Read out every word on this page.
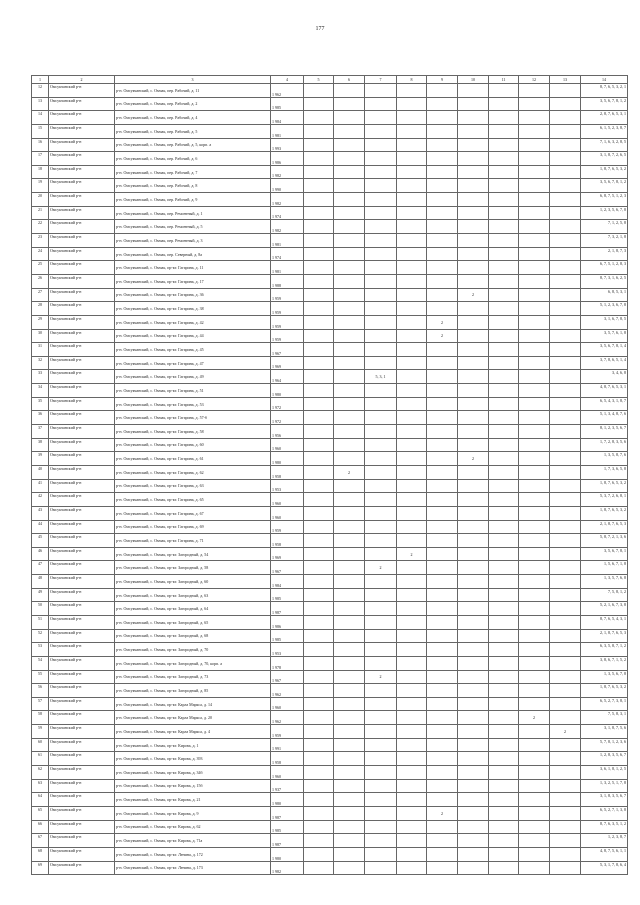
177
1	2	3	4	5	6	7	8	9	10	11	12	13	14
12	Омсукчанский р-н	р-н. Омсукчанский, с. Омчак, пер. Рабочий, д. 11	1 962										8, 7, 6, 5, 3, 2, 1
13	Омсукчанский р-н	р-н. Омсукчанский, с. Омчак, пер. Рабочий, д. 2	1 985										3, 5, 6, 7, 8, 1, 2
14	Омсукчанский р-н	р-н. Омсукчанский, с. Омчак, пер. Рабочий, д. 4	1 984										2, 8, 7, 6, 5, 3, 1
15	Омсукчанский р-н	р-н. Омсукчанский, с. Омчак, пер. Рабочий, д. 5	1 981										6, 1, 5, 2, 3, 8, 7
16	Омсукчанский р-н	р-н. Омсукчанский, с. Омчак, пер. Рабочий, д. 5, корп. а	1 993										7, 1, 6, 3, 2, 8, 5
17	Омсукчанский р-н	р-н. Омсукчанский, с. Омчак, пер. Рабочий, д. 6	1 986										3, 1, 8, 7, 2, 6, 5
18	Омсукчанский р-н	р-н. Омсукчанский, с. Омчак, пер. Рабочий, д. 7	1 982										1, 8, 7, 6, 5, 3, 2
19	Омсукчанский р-н	р-н. Омсукчанский, с. Омчак, пер. Рабочий, д. 8	1 990										3, 5, 6, 7, 8, 1, 2
20	Омсукчанский р-н	р-н. Омсукчанский, с. Омчак, пер. Рабочий, д. 9	1 982										6, 8, 7, 5, 1, 2, 3
21	Омсукчанский р-н	р-н. Омсукчанский, с. Омчак, пер. Ремонтный, д. 1	1 974										1, 2, 3, 5, 6, 7, 8
22	Омсукчанский р-н	р-н. Омсукчанский, с. Омчак, пер. Ремонтный, д. 5	1 982										7, 1, 2, 5, 8
23	Омсукчанский р-н	р-н. Омсукчанский, с. Омчак, пер. Ремонтный, д. 3	1 981										7, 3, 2, 1, 8
24	Омсукчанский р-н	р-н. Омсукчанский, с. Омчак, пер. Северный, д. 8а	1 974										2, 1, 8, 7, 3
25	Омсукчанский р-н	р-н. Омсукчанский, с. Омчак, пр-кт. Гагарина, д. 11	1 981										6, 7, 5, 1, 2, 8, 3
26	Омсукчанский р-н	р-н. Омсукчанский, с. Омчак, пр-кт. Гагарина, д. 17	1 988										8, 7, 3, 1, 6, 2, 5
27	Омсукчанский р-н	р-н. Омсукчанский, с. Омчак, пр-кт. Гагарина, д. 36	1 959						2				6, 8, 5, 3, 1
28	Омсукчанский р-н	р-н. Омсукчанский, с. Омчак, пр-кт. Гагарина, д. 38	1 959										5, 1, 2, 3, 6, 7, 8
29	Омсукчанский р-н	р-н. Омсукчанский, с. Омчак, пр-кт. Гагарина, д. 42	1 959					2					3, 1, 6, 7, 8, 5
30	Омсукчанский р-н	р-н. Омсукчанский, с. Омчак, пр-кт. Гагарина, д. 44	1 959					2					3, 5, 7, 6, 1, 8
31	Омсукчанский р-н	р-н. Омсукчанский, с. Омчак, пр-кт. Гагарина, д. 45	1 967										3, 5, 6, 7, 8, 1, 4
32	Омсукчанский р-н	р-н. Омсукчанский, с. Омчак, пр-кт. Гагарина, д. 47	1 969										3, 7, 8, 6, 5, 1, 4
33	Омсукчанский р-н	р-н. Омсукчанский, с. Омчак, пр-кт. Гагарина, д. 49	1 964			5, 3, 1							3, 4, 6, 8
34	Омсукчанский р-н	р-н. Омсукчанский, с. Омчак, пр-кт. Гагарина, д. 51	1 980										4, 8, 7, 6, 5, 3, 1
35	Омсукчанский р-н	р-н. Омсукчанский, с. Омчак, пр-кт. Гагарина, д. 53	1 972										6, 5, 4, 3, 1, 8, 7
36	Омсукчанский р-н	р-н. Омсукчанский, с. Омчак, пр-кт. Гагарина, д. 57-б	1 972										5, 1, 3, 4, 8, 7, 6
37	Омсукчанский р-н	р-н. Омсукчанский, с. Омчак, пр-кт. Гагарина, д. 58	1 956										8, 1, 2, 3, 5, 6, 7
38	Омсукчанский р-н	р-н. Омсукчанский, с. Омчак, пр-кт. Гагарина, д. 60	1 960										1, 7, 2, 8, 3, 5, 6
39	Омсукчанский р-н	р-н. Омсукчанский, с. Омчак, пр-кт. Гагарина, д. 61	1 980						2				1, 3, 5, 8, 7, 6
40	Омсукчанский р-н	р-н. Омсукчанский, с. Омчак, пр-кт. Гагарина, д. 62	1 958		2								1, 7, 3, 6, 5, 8
41	Омсукчанский р-н	р-н. Омсукчанский, с. Омчак, пр-кт. Гагарина, д. 63	1 953										1, 8, 7, 6, 5, 3, 2
42	Омсукчанский р-н	р-н. Омсукчанский, с. Омчак, пр-кт. Гагарина, д. 65	1 960										5, 3, 7, 2, 6, 8, 1
43	Омсукчанский р-н	р-н. Омсукчанский, с. Омчак, пр-кт. Гагарина, д. 67	1 960										1, 8, 7, 6, 5, 3, 2
44	Омсукчанский р-н	р-н. Омсукчанский, с. Омчак, пр-кт. Гагарина, д. 69	1 959										2, 1, 8, 7, 6, 5, 3
45	Омсукчанский р-н	р-н. Омсукчанский, с. Омчак, пр-кт. Гагарина, д. 71	1 958										5, 8, 7, 2, 1, 3, 6
46	Омсукчанский р-н	р-н. Омсукчанский, с. Омчак, пр-кт. Загородный, д. 54	1 969				2						3, 5, 6, 7, 8, 1
47	Омсукчанский р-н	р-н. Омсукчанский, с. Омчак, пр-кт. Загородный, д. 58	1 967			2							1, 5, 6, 7, 1, 8
48	Омсукчанский р-н	р-н. Омсукчанский, с. Омчак, пр-кт. Загородный, д. 60	1 984										1, 3, 5, 7, 6, 8
49	Омсукчанский р-н	р-н. Омсукчанский, с. Омчак, пр-кт. Загородный, д. 63	1 985										7, 5, 8, 1, 2
50	Омсукчанский р-н	р-н. Омсукчанский, с. Омчак, пр-кт. Загородный, д. 64	1 987										5, 2, 1, 6, 7, 3, 8
51	Омсукчанский р-н	р-н. Омсукчанский, с. Омчак, пр-кт. Загородный, д. 65	1 986										8, 7, 6, 5, 4, 3, 1
52	Омсукчанский р-н	р-н. Омсукчанский, с. Омчак, пр-кт. Загородный, д. 68	1 985										2, 1, 8, 7, 6, 5, 3
53	Омсукчанский р-н	р-н. Омсукчанский, с. Омчак, пр-кт. Загородный, д. 70	1 953										6, 3, 5, 8, 7, 1, 2
54	Омсукчанский р-н	р-н. Омсукчанский, с. Омчак, пр-кт. Загородный, д. 70, корп. а	1 978										3, 8, 6, 7, 1, 5, 2
55	Омсукчанский р-н	р-н. Омсукчанский, с. Омчак, пр-кт. Загородный, д. 73	1 967			2							1, 3, 5, 6, 7, 8
56	Омсукчанский р-н	р-н. Омсукчанский, с. Омчак, пр-кт. Загородный, д. 85	1 962										1, 8, 7, 6, 5, 3, 2
57	Омсукчанский р-н	р-н. Омсукчанский, с. Омчак, пр-кт. Карла Маркса, д. 14	1 960										6, 5, 2, 7, 3, 8, 1
58	Омсукчанский р-н	р-н. Омсукчанский, с. Омчак, пр-кт. Карла Маркса, д. 20	1 962								2		7, 5, 8, 3, 1
59	Омсукчанский р-н	р-н. Омсукчанский, с. Омчак, пр-кт. Карла Маркса, д. 4	1 959									2	3, 1, 8, 7, 5, 6
60	Омсукчанский р-н	р-н. Омсукчанский, с. Омчак, пр-кт. Кирова, д. 1	1 991										5, 7, 8, 1, 2, 3, 6
61	Омсукчанский р-н	р-н. Омсукчанский, с. Омчак, пр-кт. Кирова, д. 393	1 958										1, 2, 8, 3, 5, 6, 7
62	Омсукчанский р-н	р-н. Омсукчанский, с. Омчак, пр-кт. Кирова, д. 34б	1 960										3, 6, 1, 8, 1, 2, 5
63	Омсукчанский р-н	р-н. Омсукчанский, с. Омчак, пр-кт. Кирова, д. 15б	1 937										1, 3, 2, 5, 1, 7, 8
64	Омсукчанский р-н	р-н. Омсукчанский, с. Омчак, пр-кт. Кирова, д. 21	1 980										3, 1, 8, 3, 5, 6, 7
65	Омсукчанский р-н	р-н. Омсукчанский, с. Омчак, пр-кт. Кирова, д. 9	1 987					2					6, 5, 2, 7, 1, 3, 8
66	Омсукчанский р-н	р-н. Омсукчанский, с. Омчак, пр-кт. Кирова, д. 62	1 985										8, 7, 6, 3, 5, 1, 2
67	Омсукчанский р-н	р-н. Омсукчанский, с. Омчак, пр-кт. Кирова, д. 71а	1 987										1, 2, 3, 8, 7
68	Омсукчанский р-н	р-н. Омсукчанский, с. Омчак, пр-кт. Ленина, д. 172	1 980										4, 8, 7, 5, 6, 1, 1
69	Омсукчанский р-н	р-н. Омсукчанский, с. Омчак, пр-кт. Ленина, д. 173	1 982										5, 3, 1, 7, 8, 6, 4
